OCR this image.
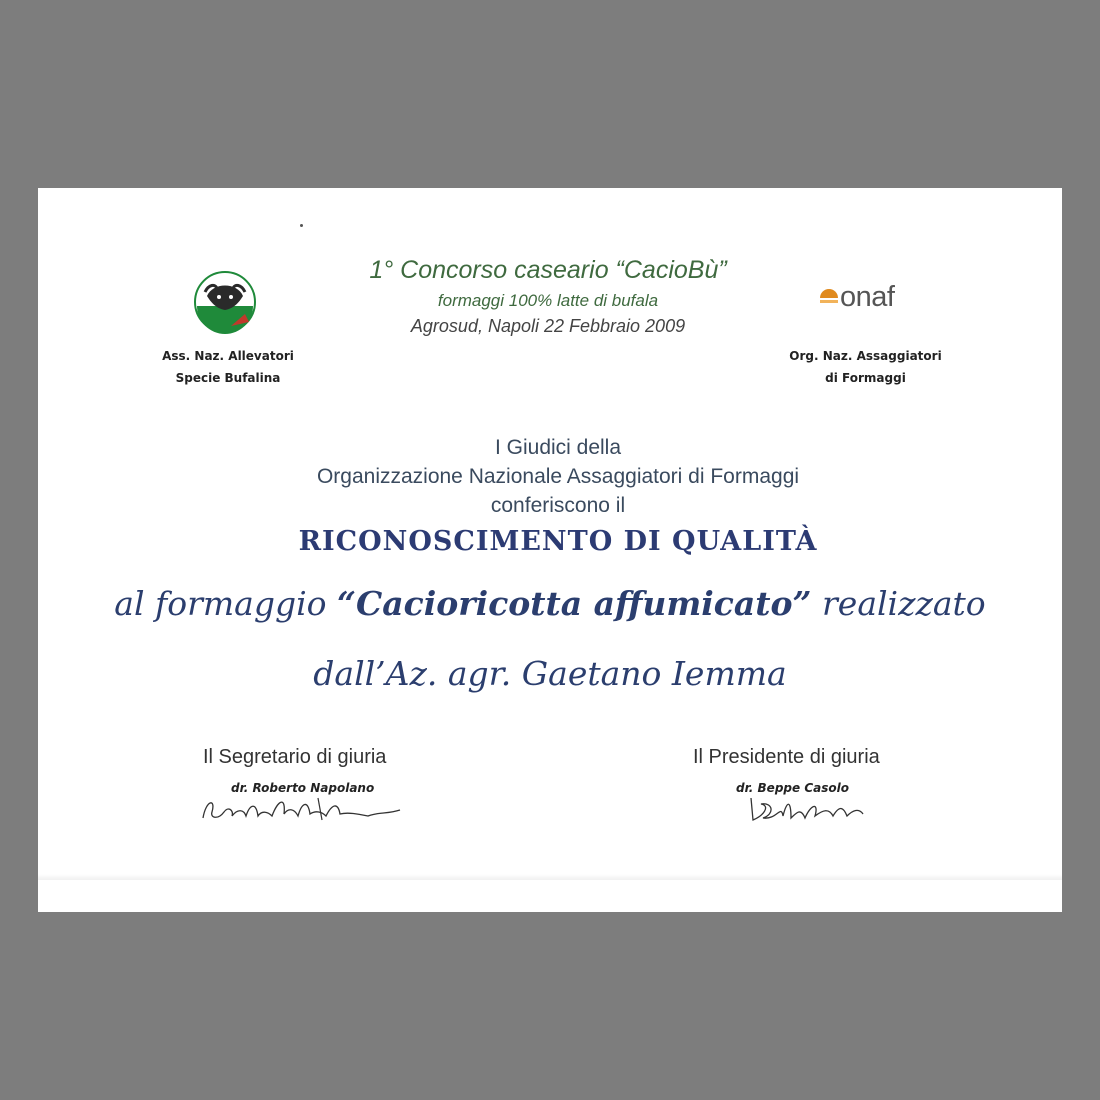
onaf
1° Concorso caseario “CacioBù”
formaggi 100% latte di bufala
Agrosud, Napoli 22 Febbraio 2009
Ass. Naz. Allevatori
Specie Bufalina
Org. Naz. Assaggiatori
di Formaggi
I Giudici della
Organizzazione Nazionale Assaggiatori di Formaggi
conferiscono il
RICONOSCIMENTO DI QUALITÀ
al formaggio “Cacioricotta affumicato” realizzato
dall’Az. agr. Gaetano Iemma
Il Segretario di giuria
dr. Roberto Napolano
Il Presidente di giuria
dr. Beppe Casolo
